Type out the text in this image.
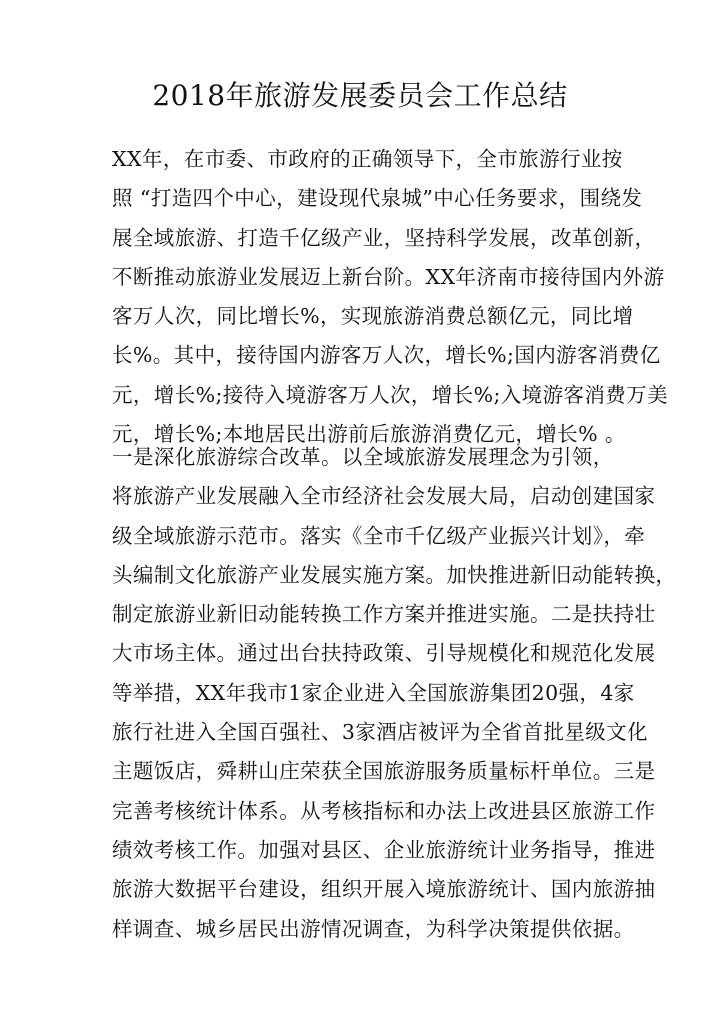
2018年旅游发展委员会工作总结
XX年，在市委、市政府的正确领导下，全市旅游行业按
照 “打造四个中心，建设现代泉城”中心任务要求，围绕发
展全域旅游、打造千亿级产业，坚持科学发展，改革创新，
不断推动旅游业发展迈上新台阶。XX年济南市接待国内外游
客万人次，同比增长%，实现旅游消费总额亿元，同比增
长%。其中，接待国内游客万人次，增长%;国内游客消费亿
元，增长%;接待入境游客万人次，增长%;入境游客消费万美
元，增长%;本地居民出游前后旅游消费亿元，增长% 。
一是深化旅游综合改革。以全域旅游发展理念为引领，
将旅游产业发展融入全市经济社会发展大局，启动创建国家
级全域旅游示范市。落实《全市千亿级产业振兴计划》，牵
头编制文化旅游产业发展实施方案。加快推进新旧动能转换，
制定旅游业新旧动能转换工作方案并推进实施。二是扶持壮
大市场主体。通过出台扶持政策、引导规模化和规范化发展
等举措，XX年我市1家企业进入全国旅游集团20强，4家
旅行社进入全国百强社、3家酒店被评为全省首批星级文化
主题饭店，舜耕山庄荣获全国旅游服务质量标杆单位。三是
完善考核统计体系。从考核指标和办法上改进县区旅游工作
绩效考核工作。加强对县区、企业旅游统计业务指导，推进
旅游大数据平台建设，组织开展入境旅游统计、国内旅游抽
样调查、城乡居民出游情况调查，为科学决策提供依据。
